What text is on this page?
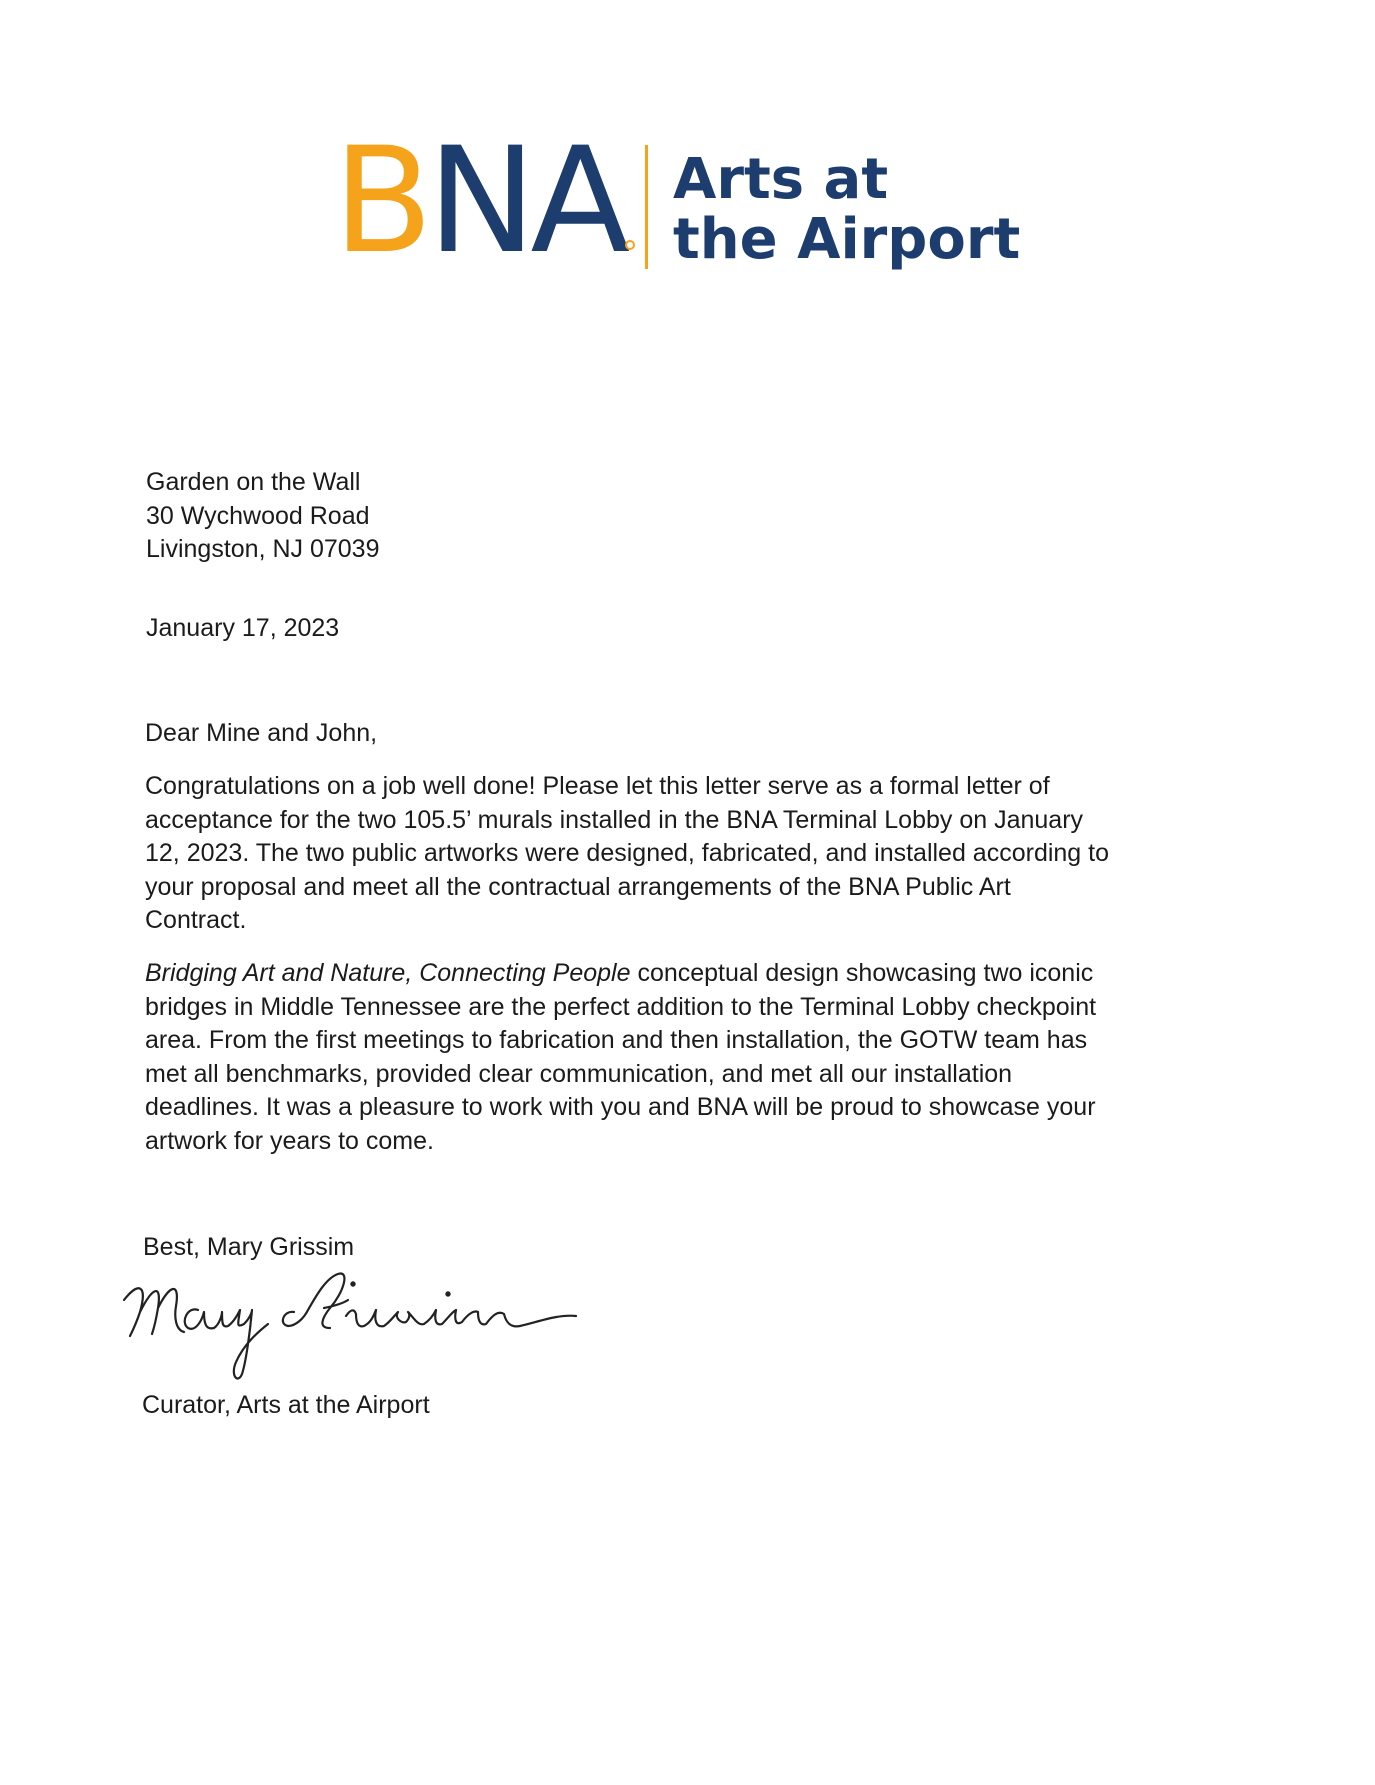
BNA Arts at
the Airport
Garden on the Wall
30 Wychwood Road
Livingston, NJ 07039
January 17, 2023
Dear Mine and John,
Congratulations on a job well done! Please let this letter serve as a formal letter of
acceptance for the two 105.5’ murals installed in the BNA Terminal Lobby on January
12, 2023. The two public artworks were designed, fabricated, and installed according to
your proposal and meet all the contractual arrangements of the BNA Public Art
Contract.
Bridging Art and Nature, Connecting People conceptual design showcasing two iconic
bridges in Middle Tennessee are the perfect addition to the Terminal Lobby checkpoint
area. From the first meetings to fabrication and then installation, the GOTW team has
met all benchmarks, provided clear communication, and met all our installation
deadlines. It was a pleasure to work with you and BNA will be proud to showcase your
artwork for years to come.
Best, Mary Grissim
Curator, Arts at the Airport
